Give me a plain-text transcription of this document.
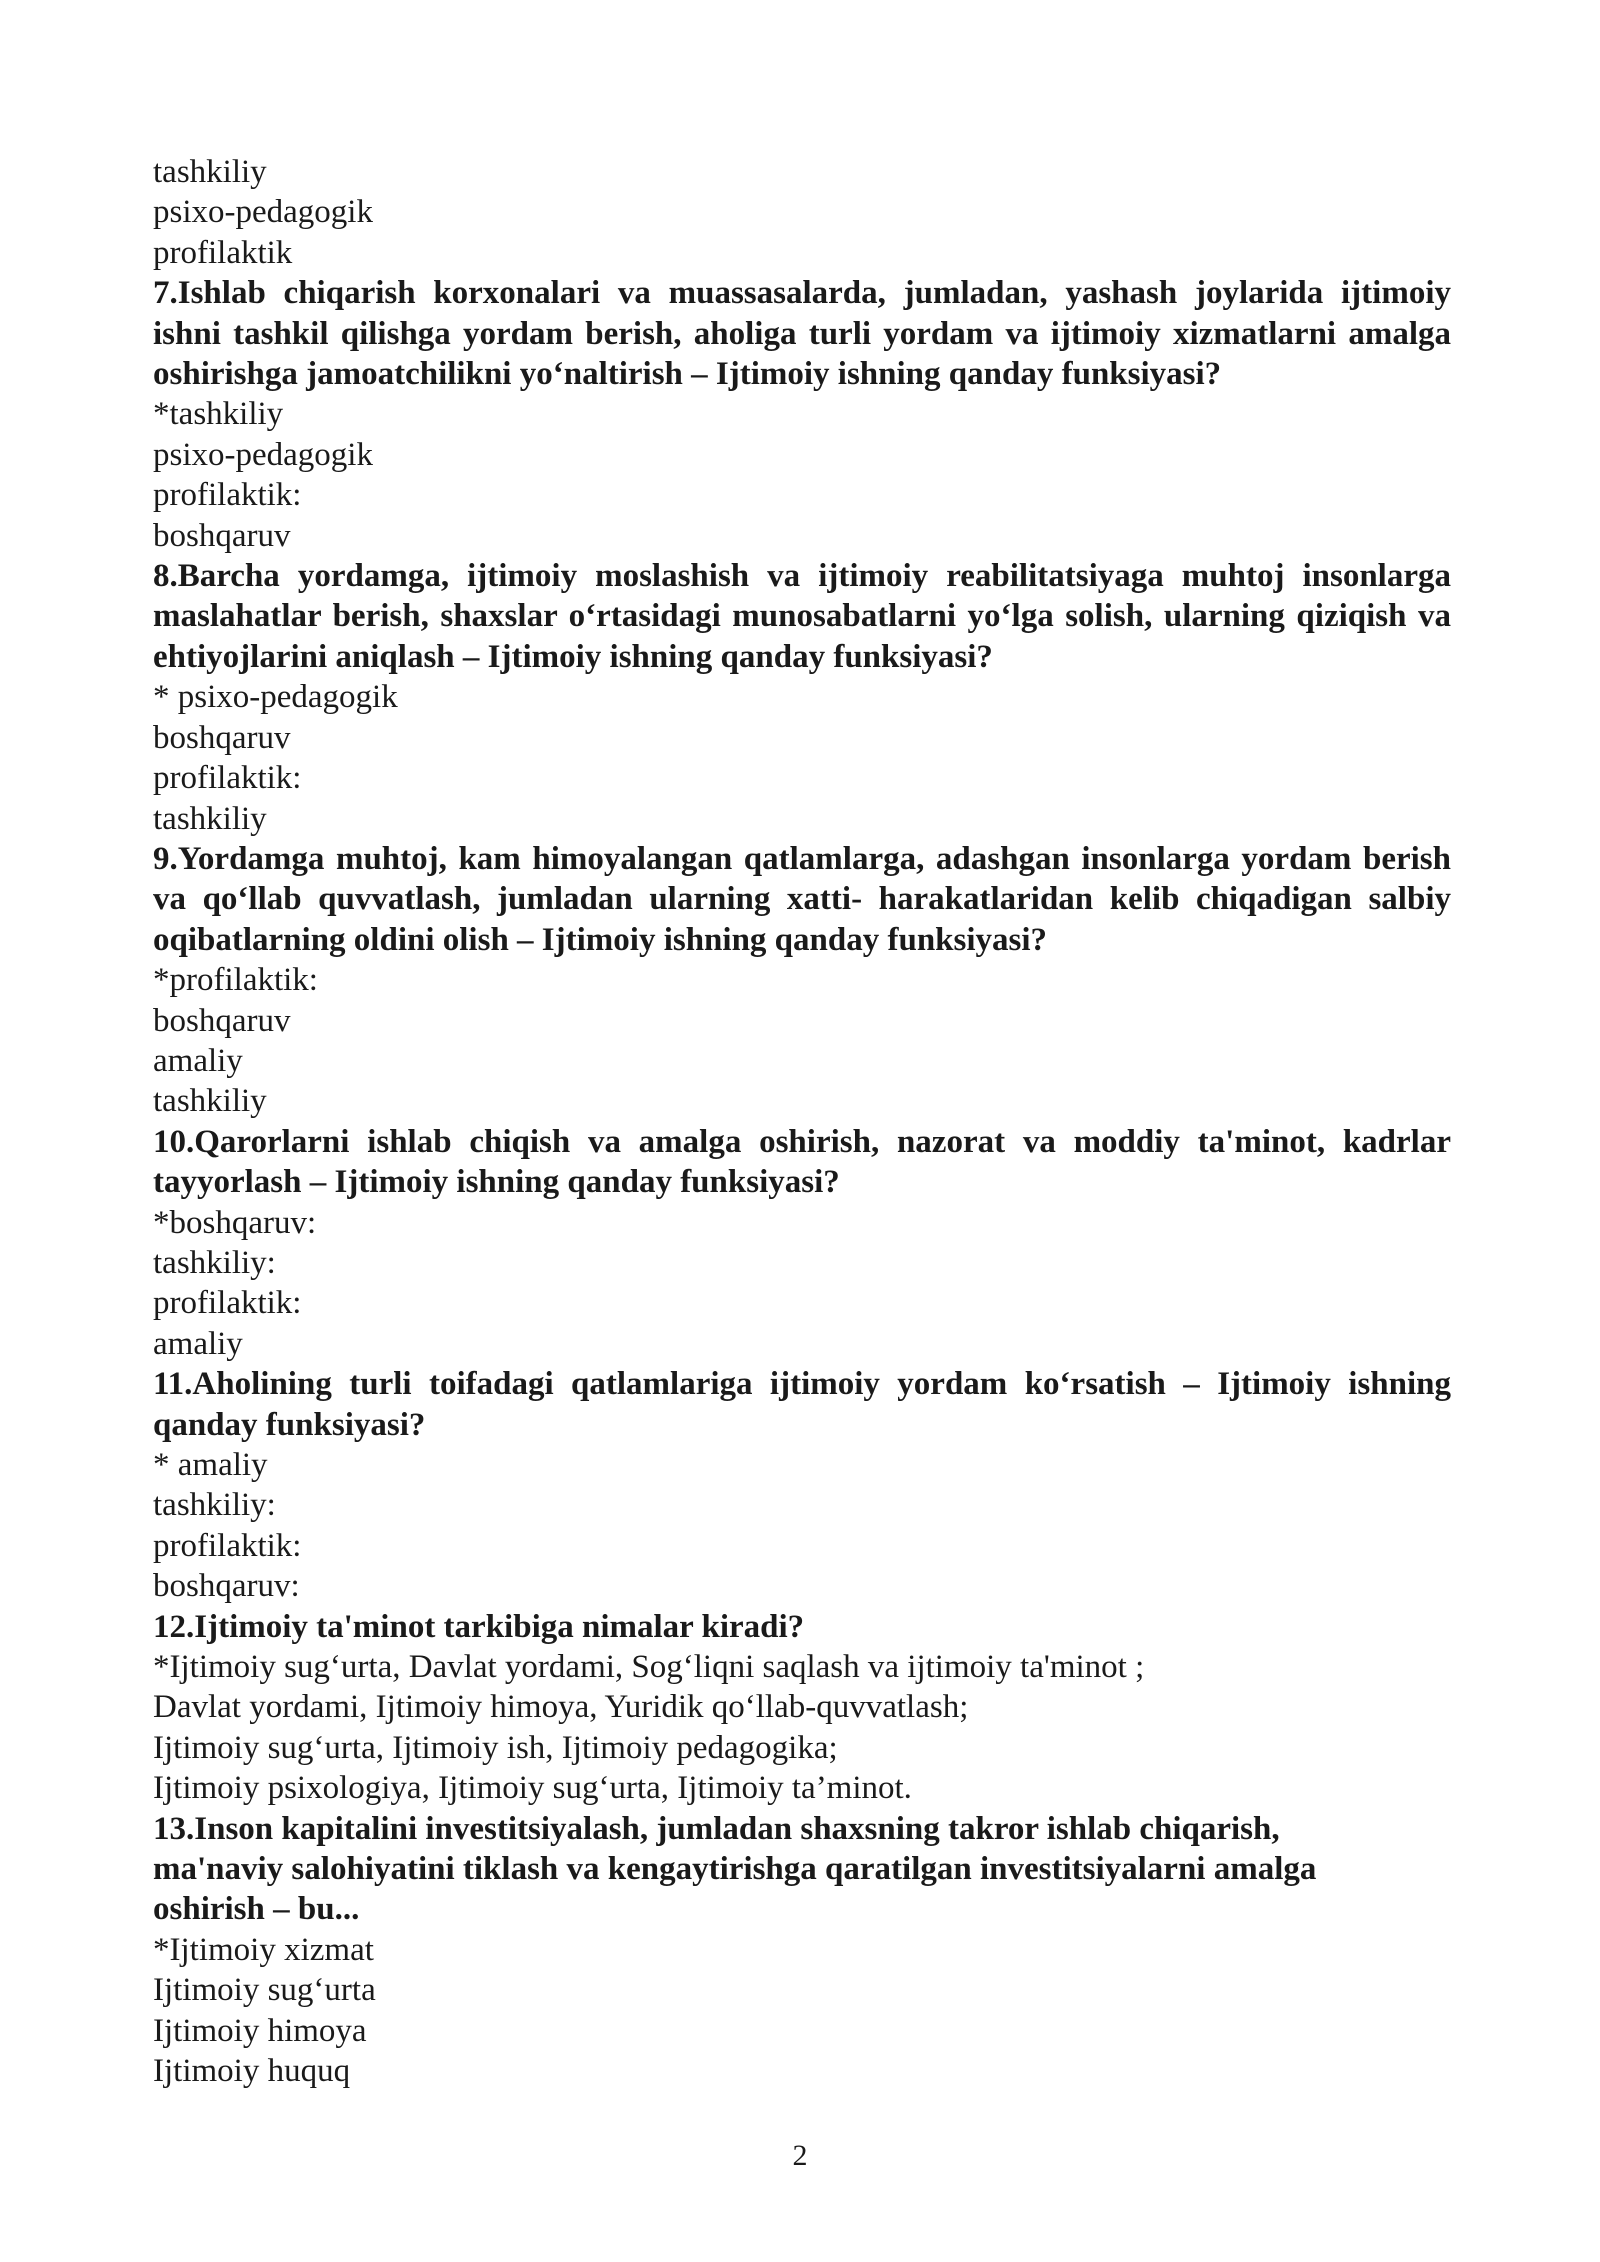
tashkiliy
psixo-pedagogik
profilaktik
7.Ishlab chiqarish korxonalari va muassasalarda, jumladan, yashash joylarida ijtimoiy ishni tashkil qilishga yordam berish, aholiga turli yordam va ijtimoiy xizmatlarni amalga oshirishga jamoatchilikni yo‘naltirish – Ijtimoiy ishning qanday funksiyasi?
*tashkiliy
psixo-pedagogik
profilaktik:
boshqaruv
8.Barcha yordamga, ijtimoiy moslashish va ijtimoiy reabilitatsiyaga muhtoj insonlarga maslahatlar berish, shaxslar o‘rtasidagi munosabatlarni yo‘lga solish, ularning qiziqish va ehtiyojlarini aniqlash – Ijtimoiy ishning qanday funksiyasi?
* psixo-pedagogik
boshqaruv
profilaktik:
tashkiliy
9.Yordamga muhtoj, kam himoyalangan qatlamlarga, adashgan insonlarga yordam berish va qo‘llab quvvatlash, jumladan ularning xatti- harakatlaridan kelib chiqadigan salbiy oqibatlarning oldini olish – Ijtimoiy ishning qanday funksiyasi?
*profilaktik:
boshqaruv
amaliy
tashkiliy
10.Qarorlarni ishlab chiqish va amalga oshirish, nazorat va moddiy ta'minot, kadrlar tayyorlash – Ijtimoiy ishning qanday funksiyasi?
*boshqaruv:
tashkiliy:
profilaktik:
amaliy
11.Aholining turli toifadagi qatlamlariga ijtimoiy yordam ko‘rsatish – Ijtimoiy ishning qanday funksiyasi?
* amaliy
tashkiliy:
profilaktik:
boshqaruv:
12.Ijtimoiy ta'minot tarkibiga nimalar kiradi?
*Ijtimoiy sug‘urta, Davlat yordami, Sog‘liqni saqlash va ijtimoiy ta'minot ;
Davlat yordami, Ijtimoiy himoya, Yuridik qo‘llab-quvvatlash;
Ijtimoiy sug‘urta, Ijtimoiy ish, Ijtimoiy pedagogika;
Ijtimoiy psixologiya, Ijtimoiy sug‘urta, Ijtimoiy ta’minot.
13.Inson kapitalini investitsiyalash, jumladan shaxsning takror ishlab chiqarish, ma'naviy salohiyatini tiklash va kengaytirishga qaratilgan investitsiyalarni amalga oshirish – bu...
*Ijtimoiy xizmat
Ijtimoiy sug‘urta
Ijtimoiy himoya
Ijtimoiy huquq
2
